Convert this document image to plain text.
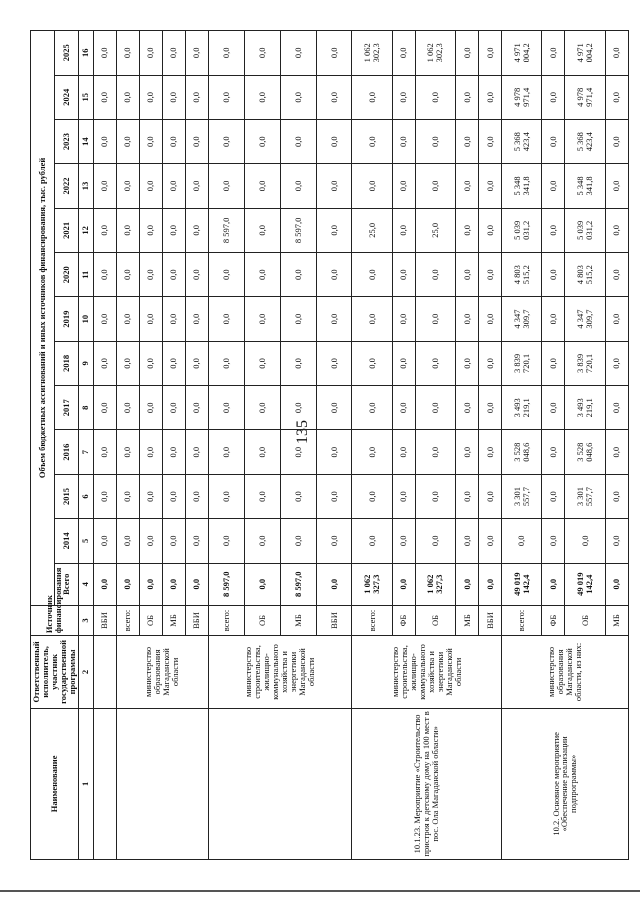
135
Наименование	Ответственный исполнитель, участник государственной программы	Источник финансирования	Объем бюджетных ассигнований и иных источников финансирования, тыс. рублей												
			Всего	2014	2015	2016	2017	2018	2019	2020	2021	2022	2023	2024	2025
1	2	3	4	5	6	7	8	9	10	11	12	13	14	15	16
		ВБИ	0,0	0,0	0,0	0,0	0,0	0,0	0,0	0,0	0,0	0,0	0,0	0,0	0,0
	министерство образования Магаданской области	всего:	0,0	0,0	0,0	0,0	0,0	0,0	0,0	0,0	0,0	0,0	0,0	0,0	0,0
		ОБ	0,0	0,0	0,0	0,0	0,0	0,0	0,0	0,0	0,0	0,0	0,0	0,0	0,0
		МБ	0,0	0,0	0,0	0,0	0,0	0,0	0,0	0,0	0,0	0,0	0,0	0,0	0,0
		ВБИ	0,0	0,0	0,0	0,0	0,0	0,0	0,0	0,0	0,0	0,0	0,0	0,0	0,0
	министерство строительства, жилищно-коммунального хозяйства и энергетики Магаданской области	всего:	8 597,0	0,0	0,0	0,0	0,0	0,0	0,0	0,0	8 597,0	0,0	0,0	0,0	0,0
		ОБ	0,0	0,0	0,0	0,0	0,0	0,0	0,0	0,0	0,0	0,0	0,0	0,0	0,0
		МБ	8 597,0	0,0	0,0	0,0	0,0	0,0	0,0	0,0	8 597,0	0,0	0,0	0,0	0,0
		ВБИ	0,0	0,0	0,0	0,0	0,0	0,0	0,0	0,0	0,0	0,0	0,0	0,0	0,0
10.1.23. Мероприятие «Строительство пристроя к детскому дому на 100 мест в пос. Ола Магаданской области»	министерство строительства, жилищно-коммунального хозяйства и энергетики Магаданской области	всего:	1 062 327,3	0,0	0,0	0,0	0,0	0,0	0,0	0,0	25,0	0,0	0,0	0,0	1 062 302,3
		ФБ	0,0	0,0	0,0	0,0	0,0	0,0	0,0	0,0	0,0	0,0	0,0	0,0	0,0
		ОБ	1 062 327,3	0,0	0,0	0,0	0,0	0,0	0,0	0,0	25,0	0,0	0,0	0,0	1 062 302,3
		МБ	0,0	0,0	0,0	0,0	0,0	0,0	0,0	0,0	0,0	0,0	0,0	0,0	0,0
		ВБИ	0,0	0,0	0,0	0,0	0,0	0,0	0,0	0,0	0,0	0,0	0,0	0,0	0,0
10.2. Основное мероприятие «Обеспечение реализации подпрограммы»	министерство образования Магаданской области, из них:	всего:	49 019 142,4	0,0	3 301 557,7	3 528 048,6	3 493 219,1	3 839 720,1	4 347 309,7	4 803 515,2	5 039 031,2	5 348 341,8	5 368 423,4	4 978 971,4	4 971 004,2
		ФБ	0,0	0,0	0,0	0,0	0,0	0,0	0,0	0,0	0,0	0,0	0,0	0,0	0,0
		ОБ	49 019 142,4	0,0	3 301 557,7	3 528 048,6	3 493 219,1	3 839 720,1	4 347 309,7	4 803 515,2	5 039 031,2	5 348 341,8	5 368 423,4	4 978 971,4	4 971 004,2
		МБ	0,0	0,0	0,0	0,0	0,0	0,0	0,0	0,0	0,0	0,0	0,0	0,0	0,0
